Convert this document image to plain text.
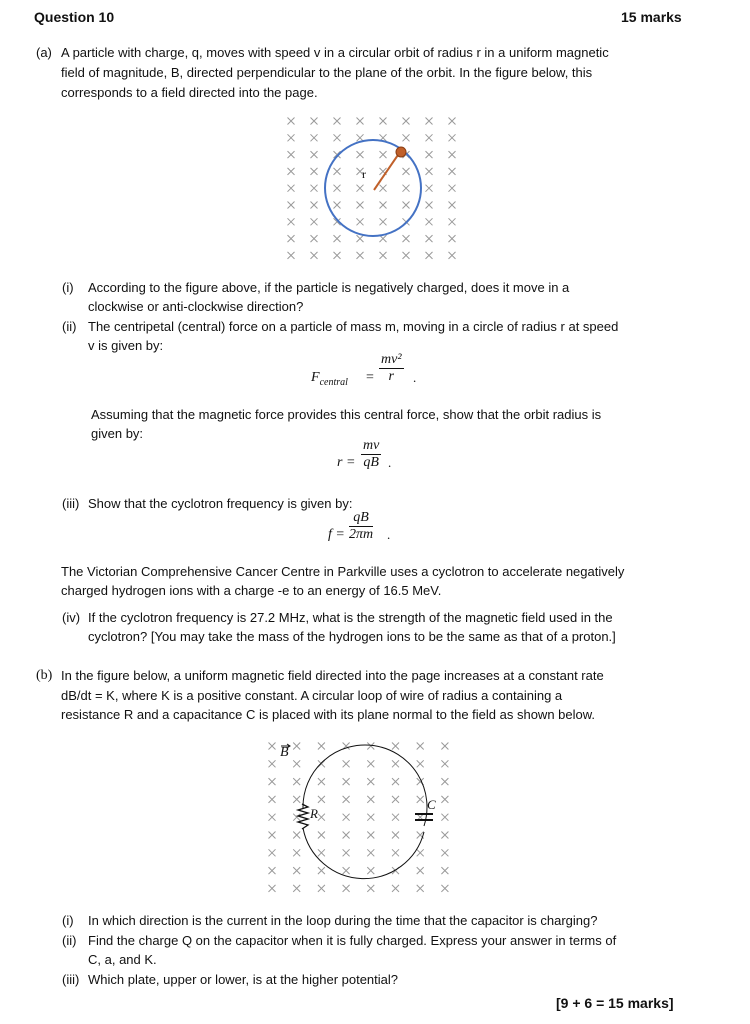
Question 10	15 marks
(a) A particle with charge, q, moves with speed v in a circular orbit of radius r in a uniform magnetic
field of magnitude, B, directed perpendicular to the plane of the orbit. In the figure below, this
corresponds to a field directed into the page.
r
B
R
C
(i) According to the figure above, if the particle is negatively charged, does it move in a
clockwise or anti-clockwise direction?
(ii) The centripetal (central) force on a particle of mass m, moving in a circle of radius r at speed
v is given by:
$F_{central} = \frac{\text{mv²}}{r}$ .
Assuming that the magnetic force provides this central force, show that the orbit radius is
given by:
$r = \frac{mv}{qB}$ .
(iii) Show that the cyclotron frequency is given by:
$f = \frac{qB}{2\pi m}$ .
The Victorian Comprehensive Cancer Centre in Parkville uses a cyclotron to accelerate negatively
charged hydrogen ions with a charge -e to an energy of 16.5 MeV.
(iv) If the cyclotron frequency is 27.2 MHz, what is the strength of the magnetic field used in the
cyclotron? [You may take the mass of the hydrogen ions to be the same as that of a proton.]
(b) In the figure below, a uniform magnetic field directed into the page increases at a constant rate
dB/dt = K, where K is a positive constant. A circular loop of wire of radius a containing a
resistance R and a capacitance C is placed with its plane normal to the field as shown below.
(i) In which direction is the current in the loop during the time that the capacitor is charging?
(ii) Find the charge Q on the capacitor when it is fully charged. Express your answer in terms of
C, a, and K.
(iii) Which plate, upper or lower, is at the higher potential?
[9 + 6 = 15 marks]
